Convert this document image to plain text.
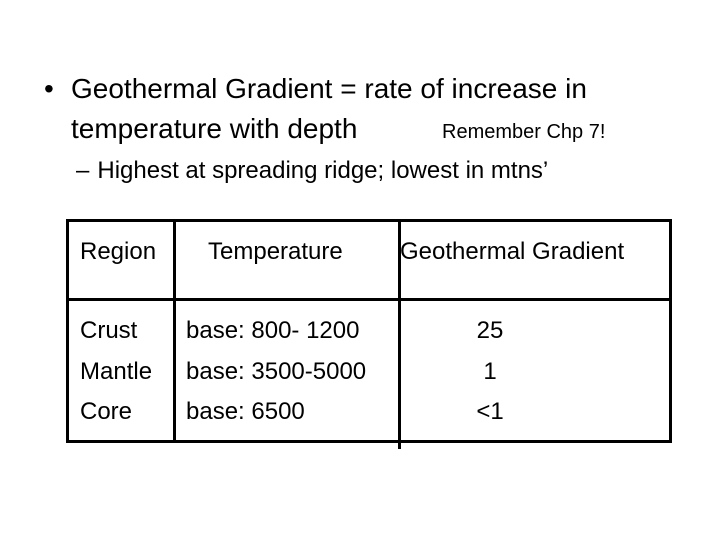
• Geothermal Gradient = rate of increase in
temperature with depth	Remember Chp 7!
– Highest at spreading ridge; lowest in mtns’
Region Temperature Geothermal Gradient
Crust base: 800- 1200	25
Mantle base: 3500-5000	1
Core base: 6500	<1
